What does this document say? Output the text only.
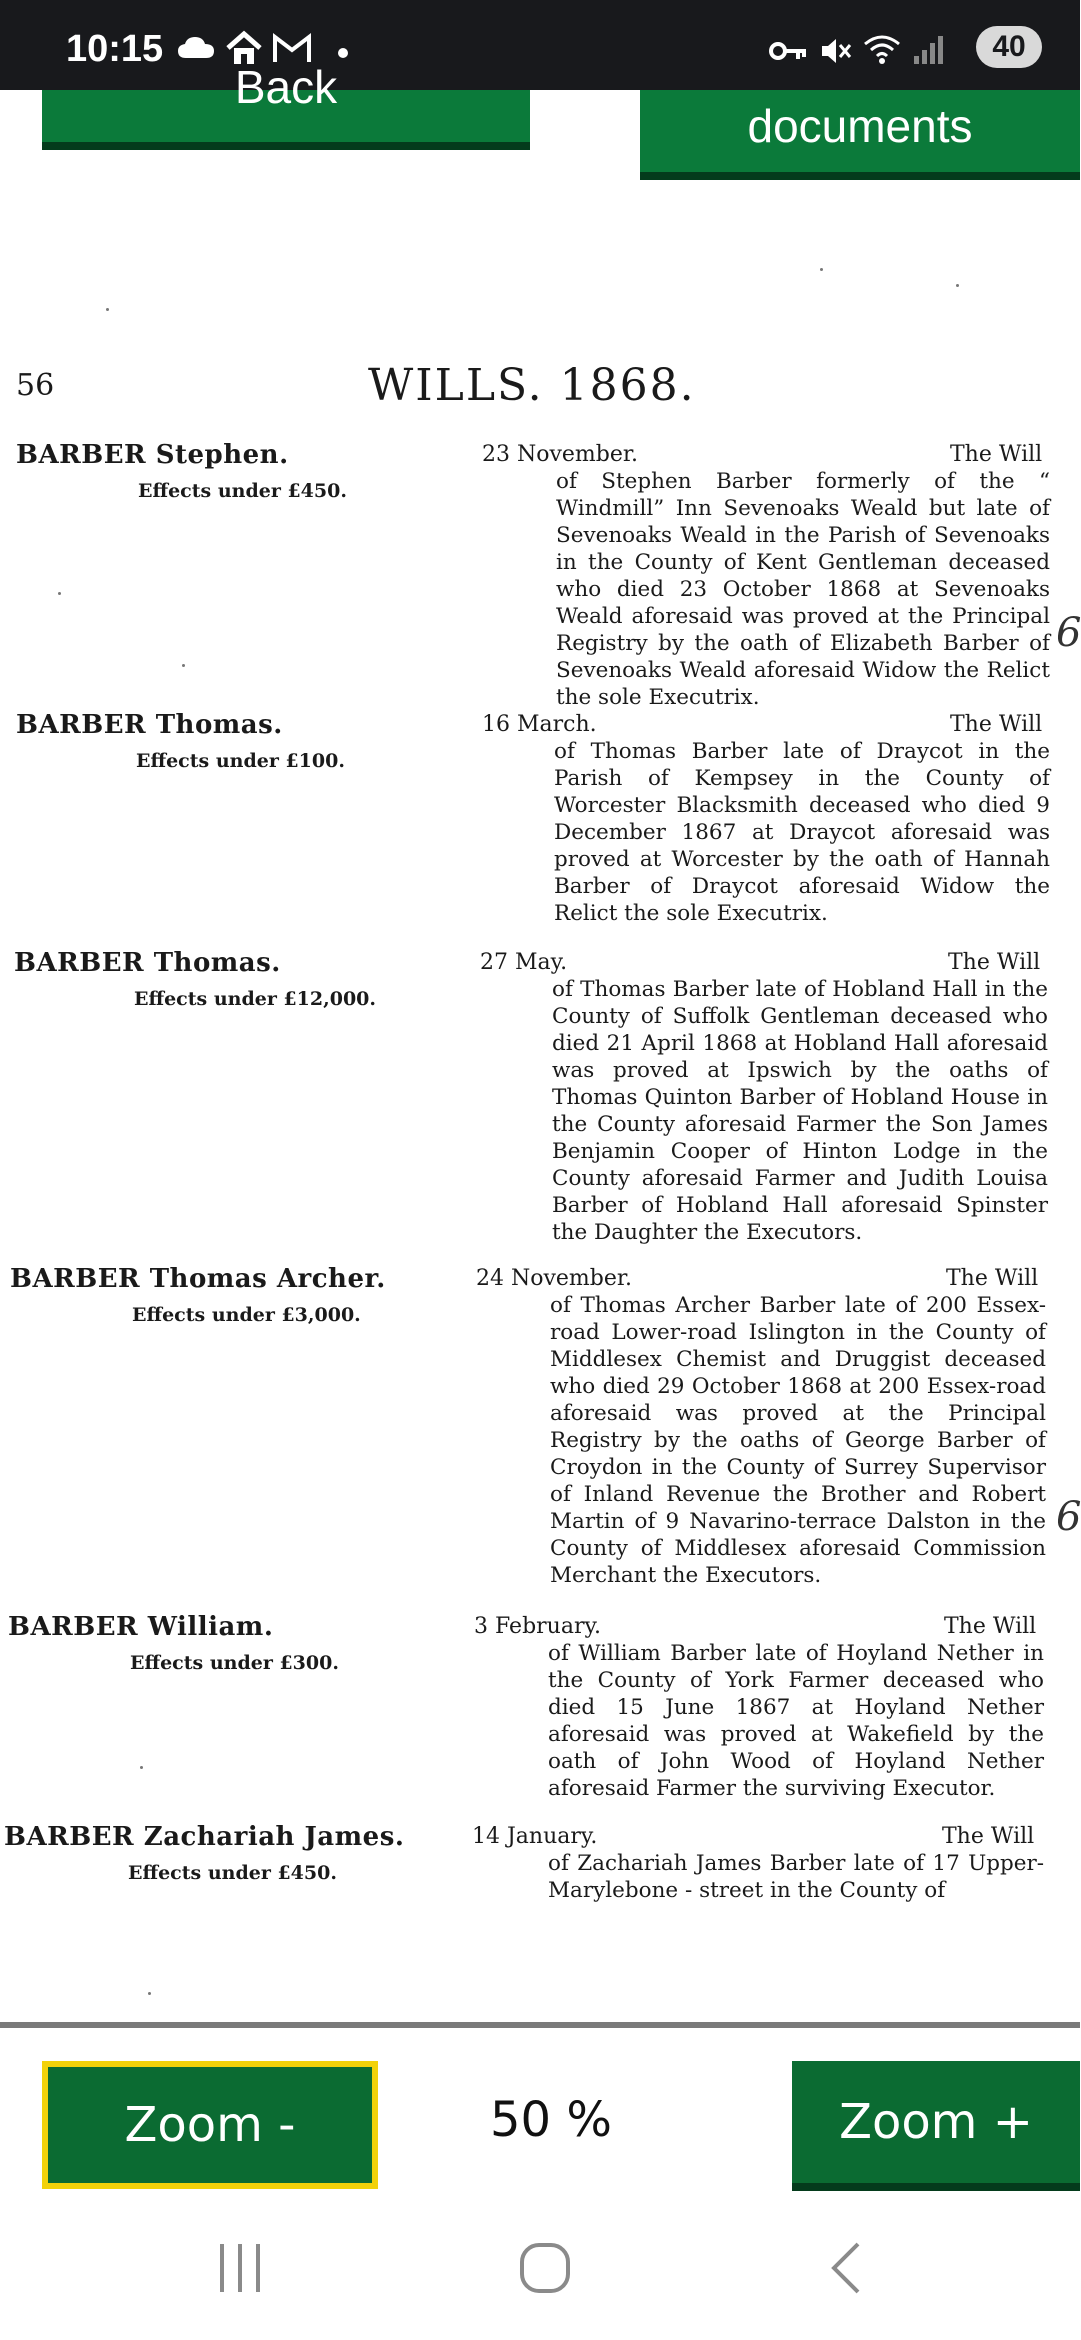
10:15	40
Back
documents
56	WILLS. 1868.
BARBER Stephen.
Effects under £450.
23 November.	The Will
of Stephen Barber formerly of the “ Windmill” Inn Sevenoaks Weald but late of Sevenoaks Weald in the Parish of Sevenoaks in the County of Kent Gentleman deceased who died 23 October 1868 at Sevenoaks Weald aforesaid was proved at the Principal Registry by the oath of Elizabeth Barber of Sevenoaks Weald aforesaid Widow the Relict the sole Executrix.
BARBER Thomas.
Effects under £100.
16 March.	The Will
of Thomas Barber late of Draycot in the Parish of Kempsey in the County of Worcester Blacksmith deceased who died 9 December 1867 at Draycot aforesaid was proved at Worcester by the oath of Hannah Barber of Draycot aforesaid Widow the Relict the sole Executrix.
BARBER Thomas.
Effects under £12,000.
27 May.	The Will
of Thomas Barber late of Hobland Hall in the County of Suffolk Gentleman deceased who died 21 April 1868 at Hobland Hall aforesaid was proved at Ipswich by the oaths of Thomas Quinton Barber of Hobland House in the County aforesaid Farmer the Son James Benjamin Cooper of Hinton Lodge in the County aforesaid Farmer and Judith Louisa Barber of Hobland Hall aforesaid Spinster the Daughter the Executors.
BARBER Thomas Archer.
Effects under £3,000.
24 November.	The Will
of Thomas Archer Barber late of 200 Essex-road Lower-road Islington in the County of Middlesex Chemist and Druggist deceased who died 29 October 1868 at 200 Essex-road aforesaid was proved at the Principal Registry by the oaths of George Barber of Croydon in the County of Surrey Supervisor of Inland Revenue the Brother and Robert Martin of 9 Navarino-terrace Dalston in the County of Middlesex aforesaid Commission Merchant the Executors.
BARBER William.
Effects under £300.
3 February.	The Will
of William Barber late of Hoyland Nether in the County of York Farmer deceased who died 15 June 1867 at Hoyland Nether aforesaid was proved at Wakefield by the oath of John Wood of Hoyland Nether aforesaid Farmer the surviving Executor.
BARBER Zachariah James.
Effects under £450.
14 January.	The Will
of Zachariah James Barber late of 17 Upper-Marylebone - street in the County of
6
6
Zoom -	50 %	Zoom +
